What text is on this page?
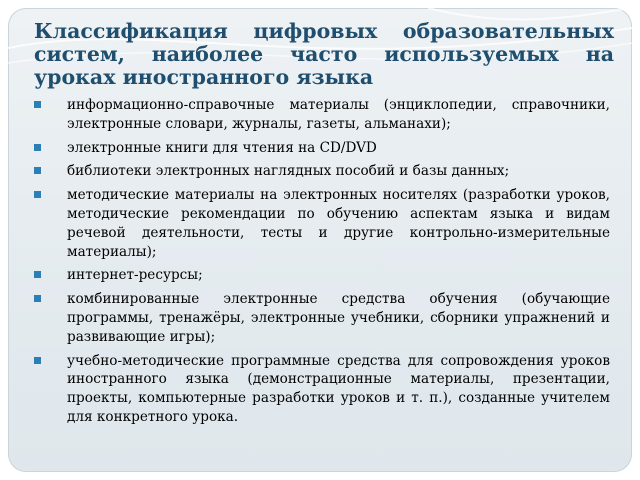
Классификация цифровых образовательных систем, наиболее часто используемых на уроках иностранного языка
информационно-справочные материалы (энциклопедии, справочники, электронные словари, журналы, газеты, альманахи);
электронные книги для чтения на CD/DVD
библиотеки электронных наглядных пособий и базы данных;
методические материалы на электронных носителях (разработки уроков, методические рекомендации по обучению аспектам языка и видам речевой деятельности, тесты и другие контрольно-измерительные материалы);
интернет-ресурсы;
комбинированные электронные средства обучения (обучающие программы, тренажёры, электронные учебники, сборники упражнений и развивающие игры);
учебно-методические программные средства для сопровождения уроков иностранного языка (демонстрационные материалы, презентации, проекты, компьютерные разработки уроков и т. п.), созданные учителем для конкретного урока.
